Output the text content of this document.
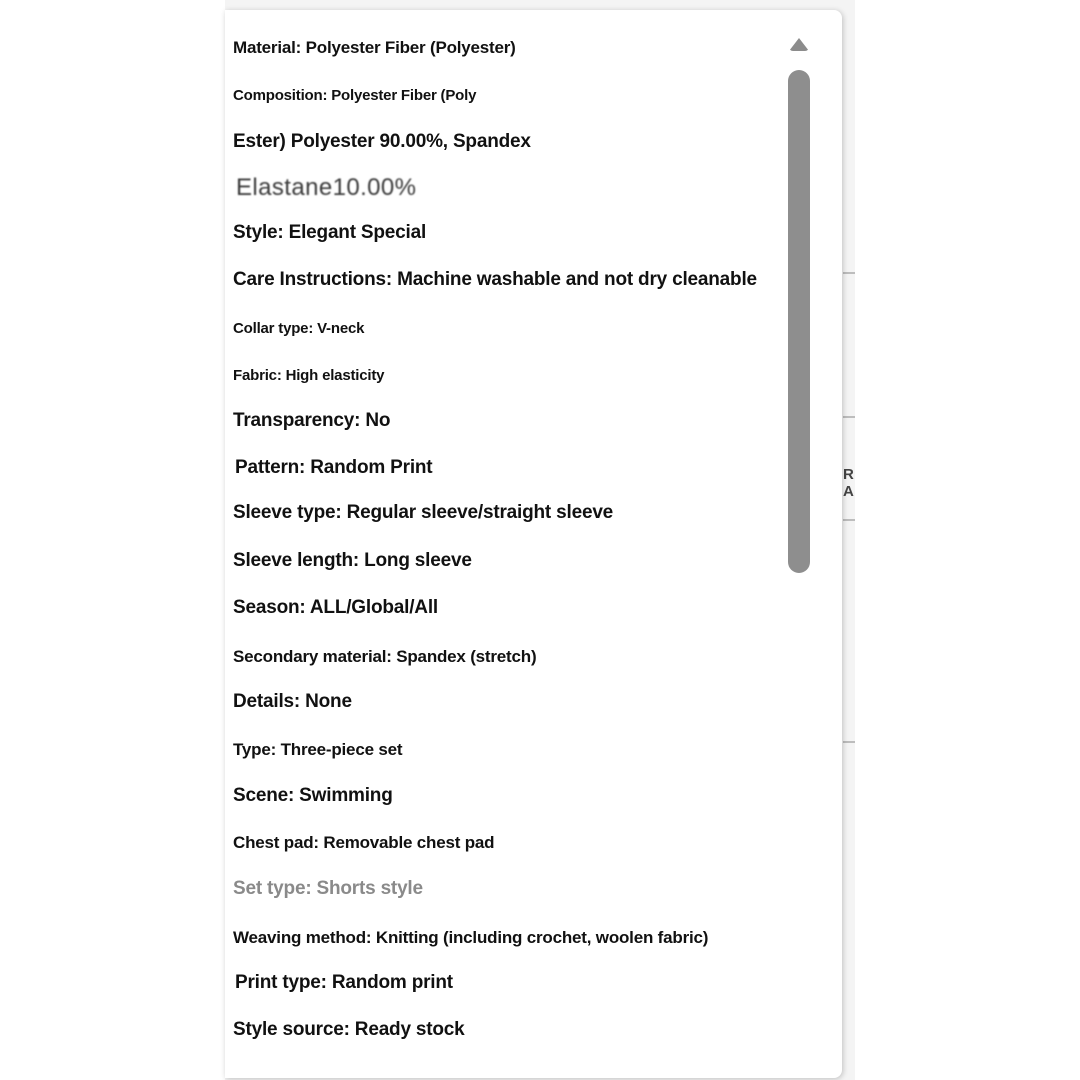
R
A
Material: Polyester Fiber (Polyester)
Composition: Polyester Fiber (Poly
Ester) Polyester 90.00%, Spandex
Elastane10.00%
Style: Elegant Special
Care Instructions: Machine washable and not dry cleanable
Collar type: V-neck
Fabric: High elasticity
Transparency: No
Pattern: Random Print
Sleeve type: Regular sleeve/straight sleeve
Sleeve length: Long sleeve
Season: ALL/Global/All
Secondary material: Spandex (stretch)
Details: None
Type: Three-piece set
Scene: Swimming
Chest pad: Removable chest pad
Set type: Shorts style
Weaving method: Knitting (including crochet, woolen fabric)
Print type: Random print
Style source: Ready stock
